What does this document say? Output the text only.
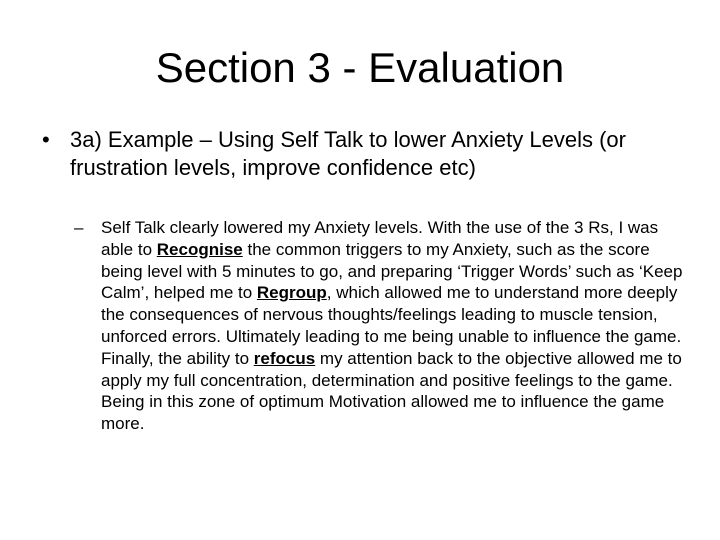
Section 3 - Evaluation
• 3a) Example – Using Self Talk to lower Anxiety Levels (or frustration levels, improve confidence etc)
–	Self Talk clearly lowered my Anxiety levels. With the use of the 3 Rs, I was able to Recognise the common triggers to my Anxiety, such as the score being level with 5 minutes to go, and preparing ‘Trigger Words’ such as ‘Keep Calm’, helped me to Regroup, which allowed me to understand more deeply the consequences of nervous thoughts/feelings leading to muscle tension, unforced errors. Ultimately leading to me being unable to influence the game. Finally, the ability to refocus my attention back to the objective allowed me to apply my full concentration, determination and positive feelings to the game. Being in this zone of optimum Motivation allowed me to influence the game more.
